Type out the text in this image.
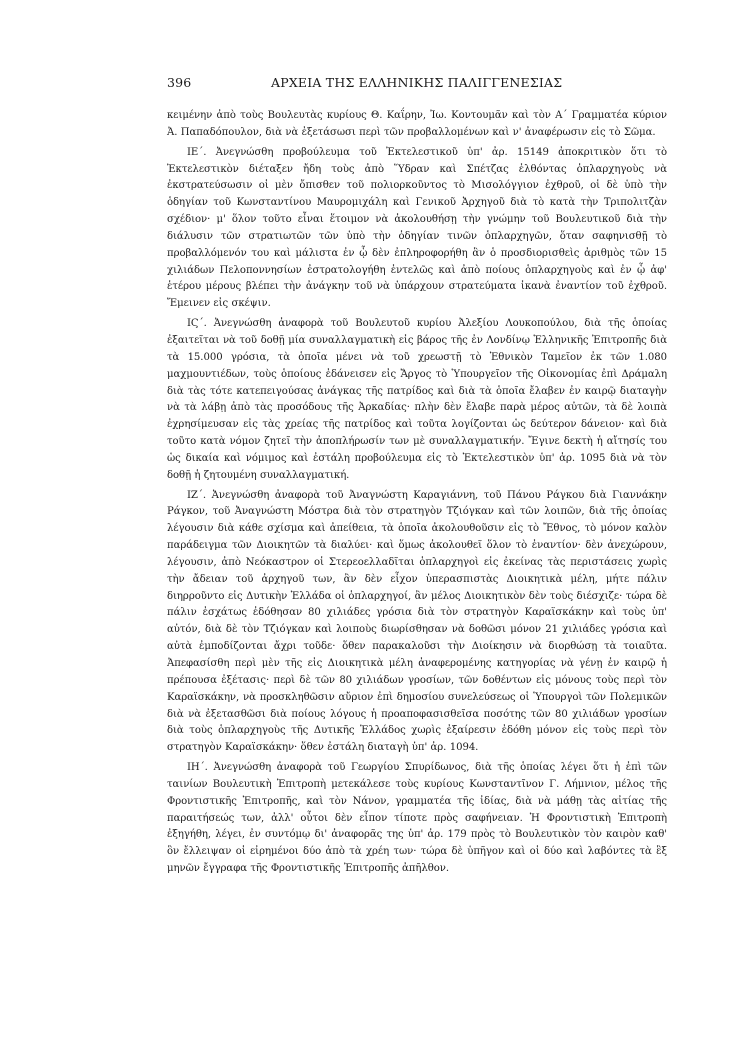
396	ΑΡΧΕΙΑ ΤΗΣ ΕΛΛΗΝΙΚΗΣ ΠΑΛΙΓΓΕΝΕΣΙΑΣ

κειμένην ἀπὸ τοὺς Βουλευτὰς κυρίους Θ. Καΐρην, Ἰω. Κοντουμᾶν καὶ τὸν Α΄ Γραμματέα κύριον Ἀ. Παπαδόπουλον, διὰ νὰ ἐξετάσωσι περὶ τῶν προβαλλομένων καὶ ν' ἀναφέρωσιν εἰς τὸ Σῶμα.

ΙΕ΄. Ἀνεγνώσθη προβούλευμα τοῦ Ἐκτελεστικοῦ ὑπ' ἀρ. 15149 ἀποκριτικὸν ὅτι τὸ Ἐκτελεστικὸν διέταξεν ἤδη τοὺς ἀπὸ Ὕδραν καὶ Σπέτζας ἐλθόντας ὁπλαρχηγοὺς νὰ ἐκστρατεύσωσιν οἱ μὲν ὄπισθεν τοῦ πολιορκοῦντος τὸ Μισολόγγιον ἐχθροῦ, οἱ δὲ ὑπὸ τὴν ὁδηγίαν τοῦ Κωνσταντίνου Μαυρομιχάλη καὶ Γενικοῦ Ἀρχηγοῦ διὰ τὸ κατὰ τὴν Τριπολιτζὰν σχέδιον· μ' ὅλον τοῦτο εἶναι ἕτοιμον νὰ ἀκολουθήσῃ τὴν γνώμην τοῦ Βουλευτικοῦ διὰ τὴν διάλυσιν τῶν στρατιωτῶν τῶν ὑπὸ τὴν ὁδηγίαν τινῶν ὁπλαρχηγῶν, ὅταν σαφηνισθῇ τὸ προβαλλόμενόν του καὶ μάλιστα ἐν ᾧ δὲν ἐπληροφορήθη ἂν ὁ προσδιορισθεὶς ἀριθμὸς τῶν 15 χιλιάδων Πελοποννησίων ἐστρατολογήθη ἐντελῶς καὶ ἀπὸ ποίους ὁπλαρχηγοὺς καὶ ἐν ᾧ ἀφ' ἑτέρου μέρους βλέπει τὴν ἀνάγκην τοῦ νὰ ὑπάρχουν στρατεύματα ἱκανὰ ἐναντίον τοῦ ἐχθροῦ. Ἔμεινεν εἰς σκέψιν.

ΙϚ΄. Ἀνεγνώσθη ἀναφορὰ τοῦ Βουλευτοῦ κυρίου Ἀλεξίου Λουκοπούλου, διὰ τῆς ὁποίας ἐξαιτεῖται νὰ τοῦ δοθῇ μία συναλλαγματικὴ εἰς βάρος τῆς ἐν Λονδίνῳ Ἑλληνικῆς Ἐπιτροπῆς διὰ τὰ 15.000 γρόσια, τὰ ὁποῖα μένει νὰ τοῦ χρεωστῇ τὸ Ἐθνικὸν Ταμεῖον ἐκ τῶν 1.080 μαχμουντιέδων, τοὺς ὁποίους ἐδάνεισεν εἰς Ἄργος τὸ Ὑπουργεῖον τῆς Οἰκονομίας ἐπὶ Δράμαλη διὰ τὰς τότε κατεπειγούσας ἀνάγκας τῆς πατρίδος καὶ διὰ τὰ ὁποῖα ἔλαβεν ἐν καιρῷ διαταγὴν νὰ τὰ λάβῃ ἀπὸ τὰς προσόδους τῆς Ἀρκαδίας· πλὴν δὲν ἔλαβε παρὰ μέρος αὐτῶν, τὰ δὲ λοιπὰ ἐχρησίμευσαν εἰς τὰς χρείας τῆς πατρίδος καὶ τοῦτα λογίζονται ὡς δεύτερον δάνειον· καὶ διὰ τοῦτο κατὰ νόμον ζητεῖ τὴν ἀποπλήρωσίν των μὲ συναλλαγματικήν. Ἔγινε δεκτὴ ἡ αἴτησίς του ὡς δικαία καὶ νόμιμος καὶ ἐστάλη προβούλευμα εἰς τὸ Ἐκτελεστικὸν ὑπ' ἀρ. 1095 διὰ νὰ τὸν δοθῇ ἡ ζητουμένη συναλλαγματική.

ΙΖ΄. Ἀνεγνώσθη ἀναφορὰ τοῦ Ἀναγνώστη Καραγιάννη, τοῦ Πάνου Ράγκου διὰ Γιαννάκην Ράγκον, τοῦ Ἀναγνώστη Μόστρα διὰ τὸν στρατηγὸν Τζιόγκαν καὶ τῶν λοιπῶν, διὰ τῆς ὁποίας λέγουσιν διὰ κάθε σχίσμα καὶ ἀπείθεια, τὰ ὁποῖα ἀκολουθοῦσιν εἰς τὸ Ἔθνος, τὸ μόνον καλὸν παράδειγμα τῶν Διοικητῶν τὰ διαλύει· καὶ ὅμως ἀκολουθεῖ ὅλον τὸ ἐναντίον· δὲν ἀνεχώρουν, λέγουσιν, ἀπὸ Νεόκαστρον οἱ Στερεοελλαδῖται ὁπλαρχηγοὶ εἰς ἐκείνας τὰς περιστάσεις χωρὶς τὴν ἄδειαν τοῦ ἀρχηγοῦ των, ἂν δὲν εἶχον ὑπερασπιστὰς Διοικητικὰ μέλη, μήτε πάλιν διηρροῦντο εἰς Δυτικὴν Ἑλλάδα οἱ ὁπλαρχηγοί, ἂν μέλος Διοικητικὸν δὲν τοὺς διέσχιζε· τώρα δὲ πάλιν ἐσχάτως ἐδόθησαν 80 χιλιάδες γρόσια διὰ τὸν στρατηγὸν Καραϊσκάκην καὶ τοὺς ὑπ' αὐτόν, διὰ δὲ τὸν Τζιόγκαν καὶ λοιποὺς διωρίσθησαν νὰ δοθῶσι μόνον 21 χιλιάδες γρόσια καὶ αὐτὰ ἐμποδίζονται ἄχρι τοῦδε· ὅθεν παρακαλοῦσι τὴν Διοίκησιν νὰ διορθώσῃ τὰ τοιαῦτα. Ἀπεφασίσθη περὶ μὲν τῆς εἰς Διοικητικὰ μέλη ἀναφερομένης κατηγορίας νὰ γένῃ ἐν καιρῷ ἡ πρέπουσα ἐξέτασις· περὶ δὲ τῶν 80 χιλιάδων γροσίων, τῶν δοθέντων εἰς μόνους τοὺς περὶ τὸν Καραϊσκάκην, νὰ προσκληθῶσιν αὔριον ἐπὶ δημοσίου συνελεύσεως οἱ Ὑπουργοὶ τῶν Πολεμικῶν διὰ νὰ ἐξετασθῶσι διὰ ποίους λόγους ἡ προαποφασισθεῖσα ποσότης τῶν 80 χιλιάδων γροσίων διὰ τοὺς ὁπλαρχηγοὺς τῆς Δυτικῆς Ἑλλάδος χωρὶς ἐξαίρεσιν ἐδόθη μόνον εἰς τοὺς περὶ τὸν στρατηγὸν Καραϊσκάκην· ὅθεν ἐστάλη διαταγὴ ὑπ' ἀρ. 1094.

ΙΗ΄. Ἀνεγνώσθη ἀναφορὰ τοῦ Γεωργίου Σπυρίδωνος, διὰ τῆς ὁποίας λέγει ὅτι ἡ ἐπὶ τῶν ταινίων Βουλευτικὴ Ἐπιτροπὴ μετεκάλεσε τοὺς κυρίους Κωνσταντῖνον Γ. Λήμνιον, μέλος τῆς Φροντιστικῆς Ἐπιτροπῆς, καὶ τὸν Νάνον, γραμματέα τῆς ἰδίας, διὰ νὰ μάθῃ τὰς αἰτίας τῆς παραιτήσεώς των, ἀλλ' οὗτοι δὲν εἶπον τίποτε πρὸς σαφήνειαν. Ἡ Φροντιστικὴ Ἐπιτροπὴ ἐξηγήθη, λέγει, ἐν συντόμῳ δι' ἀναφορᾶς της ὑπ' ἀρ. 179 πρὸς τὸ Βουλευτικὸν τὸν καιρὸν καθ' ὃν ἔλλειψαν οἱ εἰρημένοι δύο ἀπὸ τὰ χρέη των· τώρα δὲ ὑπῆγον καὶ οἱ δύο καὶ λαβόντες τὰ ἓξ μηνῶν ἔγγραφα τῆς Φροντιστικῆς Ἐπιτροπῆς ἀπῆλθον.
